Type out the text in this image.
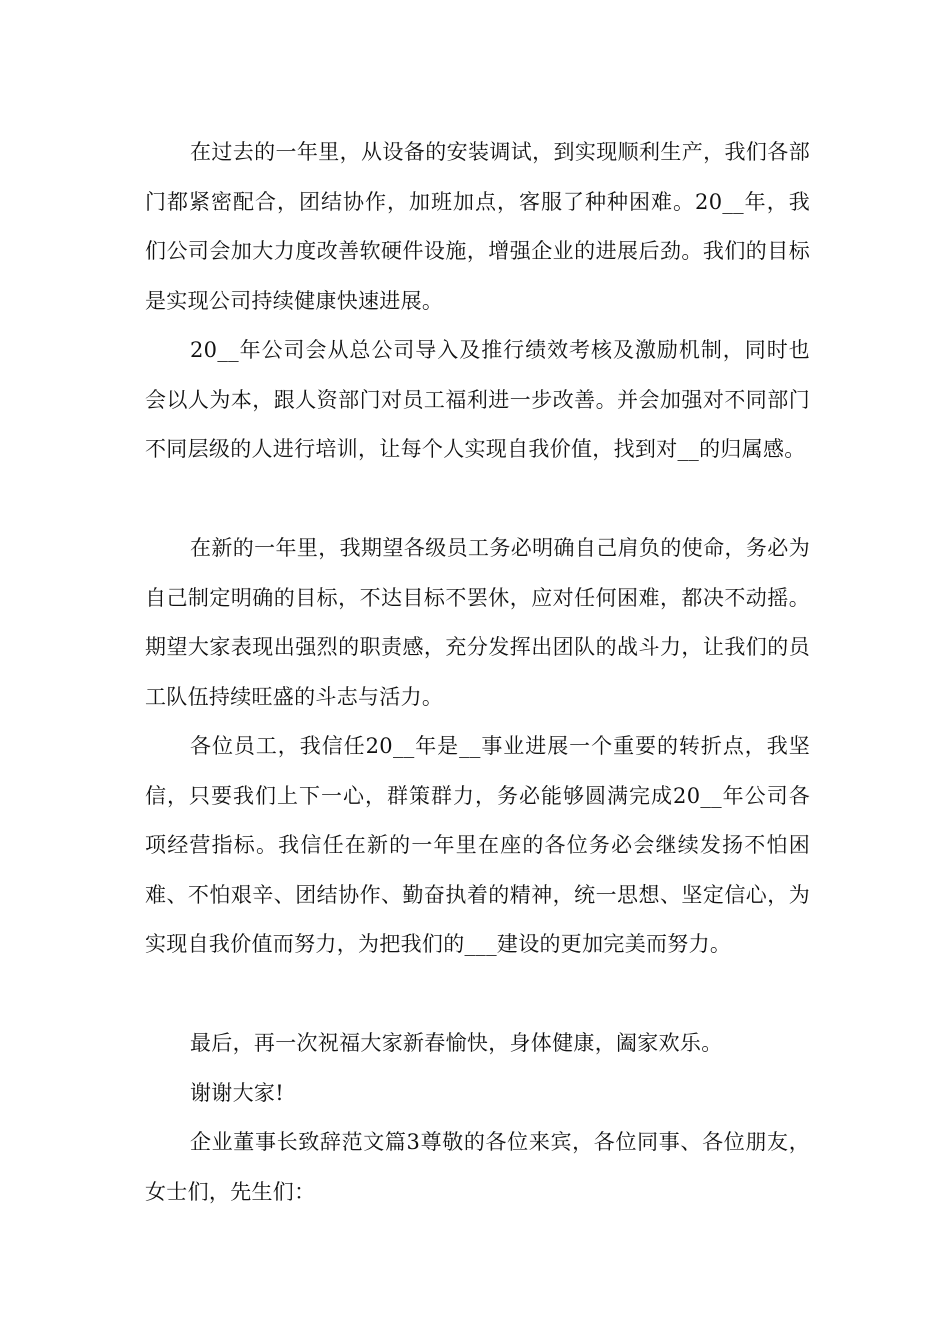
在过去的一年里，从设备的安装调试，到实现顺利生产，我们各部门都紧密配合，团结协作，加班加点，客服了种种困难。20__年，我们公司会加大力度改善软硬件设施，增强企业的进展后劲。我们的目标是实现公司持续健康快速进展。

20__年公司会从总公司导入及推行绩效考核及激励机制，同时也会以人为本，跟人资部门对员工福利进一步改善。并会加强对不同部门不同层级的人进行培训，让每个人实现自我价值，找到对__的归属感。

在新的一年里，我期望各级员工务必明确自己肩负的使命，务必为自己制定明确的目标，不达目标不罢休，应对任何困难，都决不动摇。期望大家表现出强烈的职责感，充分发挥出团队的战斗力，让我们的员工队伍持续旺盛的斗志与活力。

各位员工，我信任20__年是__事业进展一个重要的转折点，我坚信，只要我们上下一心，群策群力，务必能够圆满完成20__年公司各项经营指标。我信任在新的一年里在座的各位务必会继续发扬不怕困难、不怕艰辛、团结协作、勤奋执着的精神，统一思想、坚定信心，为实现自我价值而努力，为把我们的___建设的更加完美而努力。

最后，再一次祝福大家新春愉快，身体健康，阖家欢乐。

谢谢大家!

企业董事长致辞范文篇3尊敬的各位来宾，各位同事、各位朋友，女士们，先生们：
